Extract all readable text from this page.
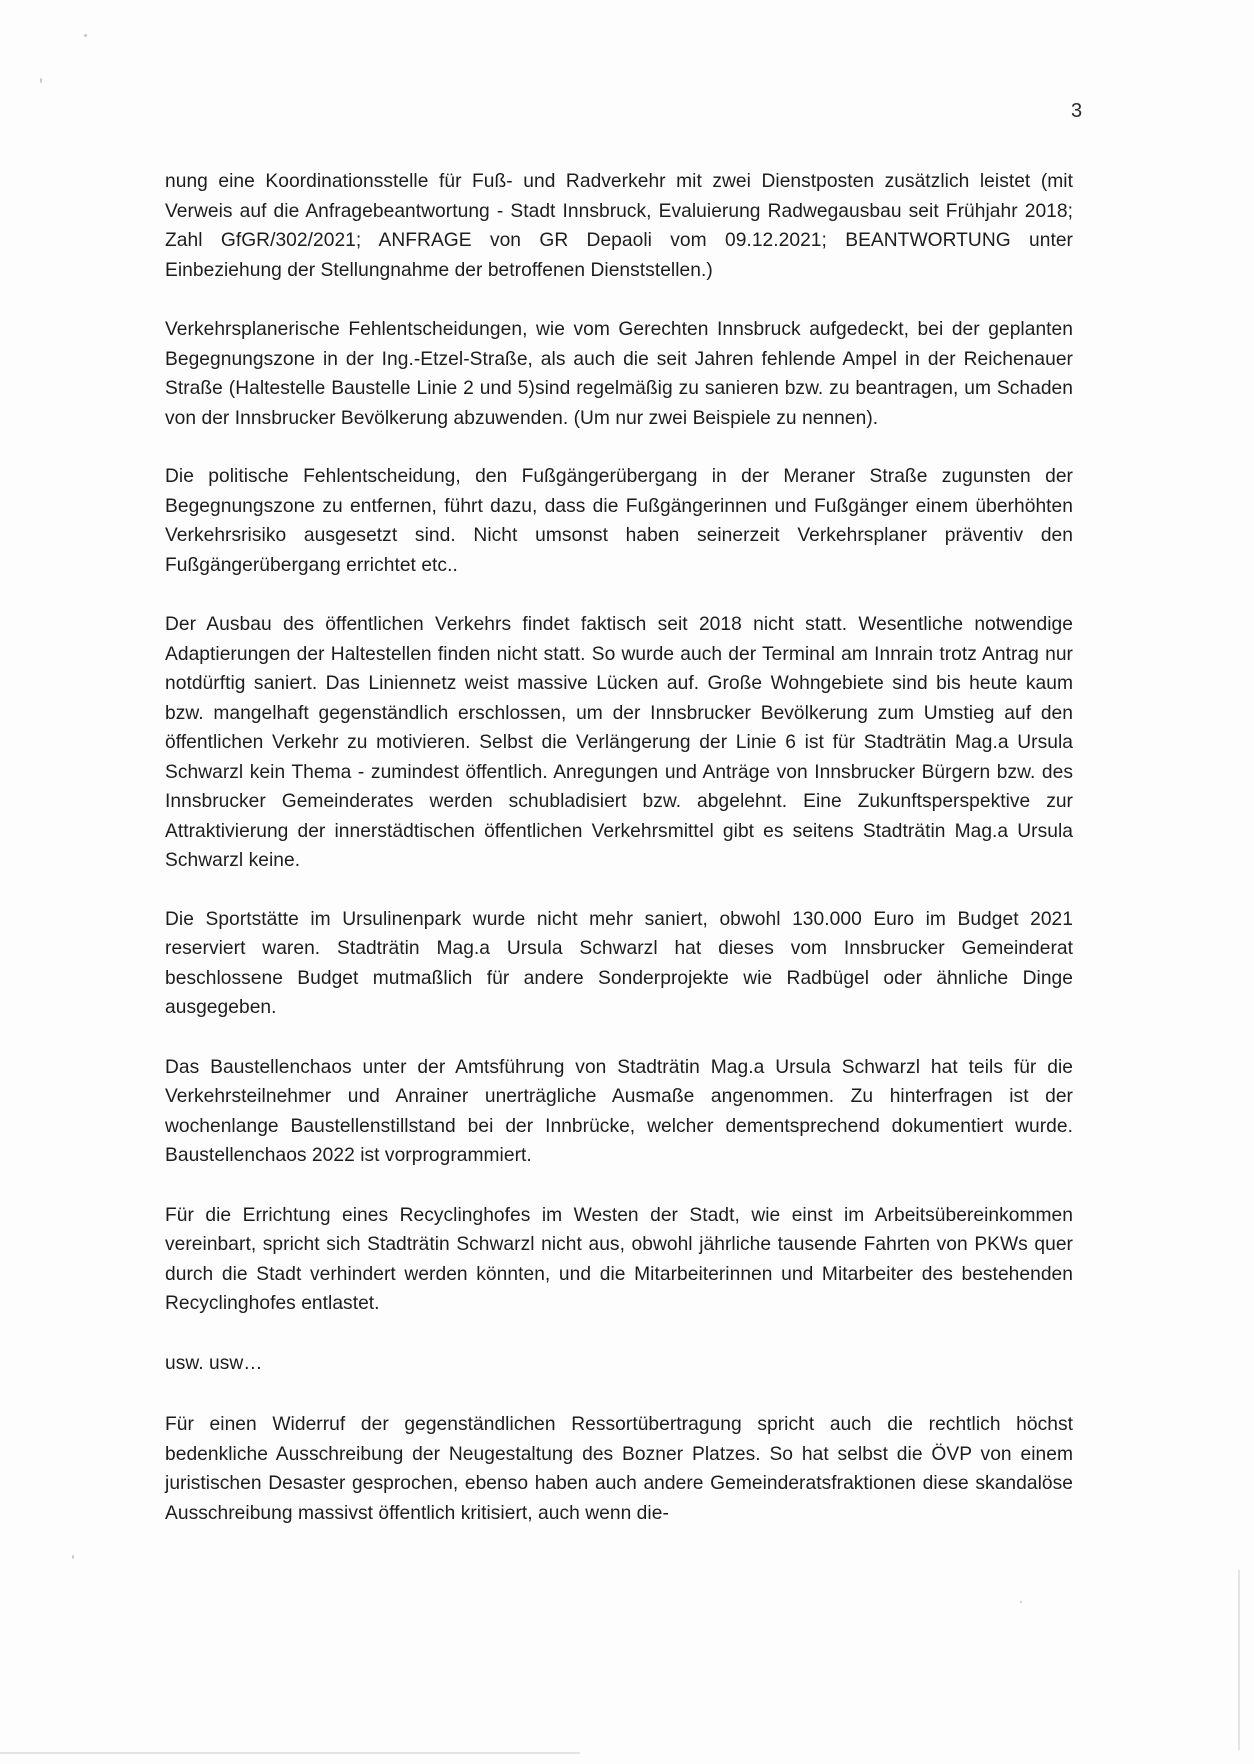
3

nung eine Koordinationsstelle für Fuß- und Radverkehr mit zwei Dienstposten zusätzlich leistet (mit Verweis auf die Anfragebeantwortung - Stadt Innsbruck, Evaluierung Radwegausbau seit Frühjahr 2018; Zahl GfGR/302/2021; ANFRAGE von GR Depaoli vom 09.12.2021; BEANTWORTUNG unter Einbeziehung der Stellungnahme der betroffenen Dienststellen.)

Verkehrsplanerische Fehlentscheidungen, wie vom Gerechten Innsbruck aufgedeckt, bei der geplanten Begegnungszone in der Ing.-Etzel-Straße, als auch die seit Jahren fehlende Ampel in der Reichenauer Straße (Haltestelle Baustelle Linie 2 und 5)sind regelmäßig zu sanieren bzw. zu beantragen, um Schaden von der Innsbrucker Bevölkerung abzuwenden. (Um nur zwei Beispiele zu nennen).

Die politische Fehlentscheidung, den Fußgängerübergang in der Meraner Straße zugunsten der Begegnungszone zu entfernen, führt dazu, dass die Fußgängerinnen und Fußgänger einem überhöhten Verkehrsrisiko ausgesetzt sind. Nicht umsonst haben seinerzeit Verkehrsplaner präventiv den Fußgängerübergang errichtet etc..

Der Ausbau des öffentlichen Verkehrs findet faktisch seit 2018 nicht statt. Wesentliche notwendige Adaptierungen der Haltestellen finden nicht statt. So wurde auch der Terminal am Innrain trotz Antrag nur notdürftig saniert. Das Liniennetz weist massive Lücken auf. Große Wohngebiete sind bis heute kaum bzw. mangelhaft gegenständlich erschlossen, um der Innsbrucker Bevölkerung zum Umstieg auf den öffentlichen Verkehr zu motivieren. Selbst die Verlängerung der Linie 6 ist für Stadträtin Mag.a Ursula Schwarzl kein Thema - zumindest öffentlich. Anregungen und Anträge von Innsbrucker Bürgern bzw. des Innsbrucker Gemeinderates werden schubladisiert bzw. abgelehnt. Eine Zukunftsperspektive zur Attraktivierung der innerstädtischen öffentlichen Verkehrsmittel gibt es seitens Stadträtin Mag.a Ursula Schwarzl keine.

Die Sportstätte im Ursulinenpark wurde nicht mehr saniert, obwohl 130.000 Euro im Budget 2021 reserviert waren. Stadträtin Mag.a Ursula Schwarzl hat dieses vom Innsbrucker Gemeinderat beschlossene Budget mutmaßlich für andere Sonderprojekte wie Radbügel oder ähnliche Dinge ausgegeben.

Das Baustellenchaos unter der Amtsführung von Stadträtin Mag.a Ursula Schwarzl hat teils für die Verkehrsteilnehmer und Anrainer unerträgliche Ausmaße angenommen. Zu hinterfragen ist der wochenlange Baustellenstillstand bei der Innbrücke, welcher dementsprechend dokumentiert wurde. Baustellenchaos 2022 ist vorprogrammiert.

Für die Errichtung eines Recyclinghofes im Westen der Stadt, wie einst im Arbeitsübereinkommen vereinbart, spricht sich Stadträtin Schwarzl nicht aus, obwohl jährliche tausende Fahrten von PKWs quer durch die Stadt verhindert werden könnten, und die Mitarbeiterinnen und Mitarbeiter des bestehenden Recyclinghofes entlastet.

usw. usw…

Für einen Widerruf der gegenständlichen Ressortübertragung spricht auch die rechtlich höchst bedenkliche Ausschreibung der Neugestaltung des Bozner Platzes. So hat selbst die ÖVP von einem juristischen Desaster gesprochen, ebenso haben auch andere Gemeinderatsfraktionen diese skandalöse Ausschreibung massivst öffentlich kritisiert, auch wenn die-
